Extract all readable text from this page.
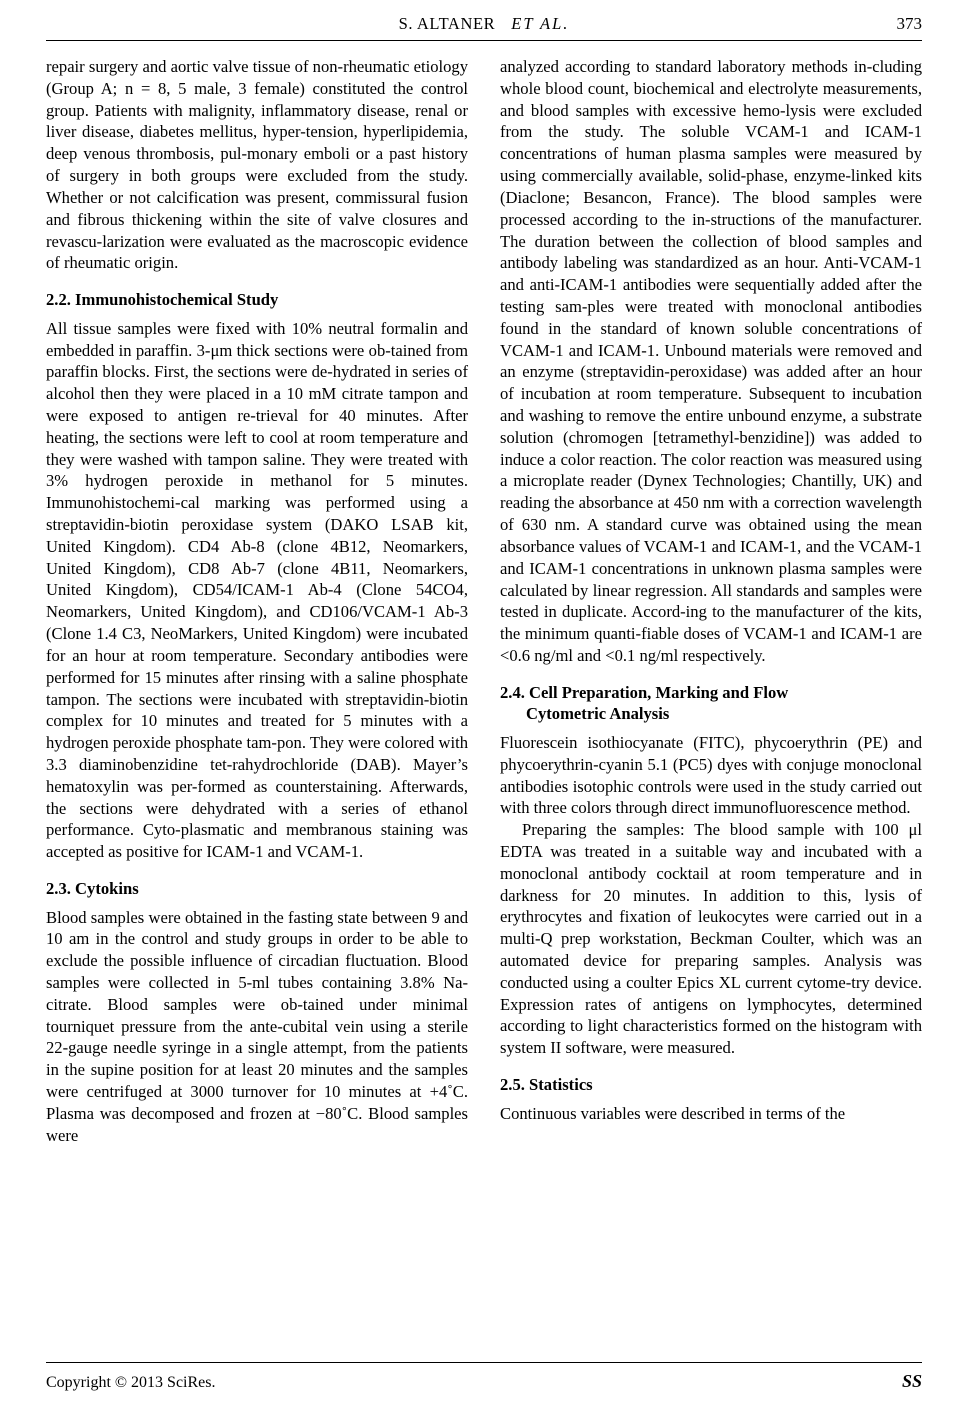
S. ALTANER ET AL.	373

repair surgery and aortic valve tissue of non-rheumatic etiology (Group A; n = 8, 5 male, 3 female) constituted the control group. Patients with malignity, inflammatory disease, renal or liver disease, diabetes mellitus, hyper-tension, hyperlipidemia, deep venous thrombosis, pul-monary emboli or a past history of surgery in both groups were excluded from the study. Whether or not calcification was present, commissural fusion and fibrous thickening within the site of valve closures and revascu-larization were evaluated as the macroscopic evidence of rheumatic origin.

2.2. Immunohistochemical Study

All tissue samples were fixed with 10% neutral formalin and embedded in paraffin. 3-μm thick sections were ob-tained from paraffin blocks. First, the sections were de-hydrated in series of alcohol then they were placed in a 10 mM citrate tampon and were exposed to antigen re-trieval for 40 minutes. After heating, the sections were left to cool at room temperature and they were washed with tampon saline. They were treated with 3% hydrogen peroxide in methanol for 5 minutes. Immunohistochemi-cal marking was performed using a streptavidin-biotin peroxidase system (DAKO LSAB kit, United Kingdom). CD4 Ab-8 (clone 4B12, Neomarkers, United Kingdom), CD8 Ab-7 (clone 4B11, Neomarkers, United Kingdom), CD54/ICAM-1 Ab-4 (Clone 54CO4, Neomarkers, United Kingdom), and CD106/VCAM-1 Ab-3 (Clone 1.4 C3, NeoMarkers, United Kingdom) were incubated for an hour at room temperature. Secondary antibodies were performed for 15 minutes after rinsing with a saline phosphate tampon. The sections were incubated with streptavidin-biotin complex for 10 minutes and treated for 5 minutes with a hydrogen peroxide phosphate tam-pon. They were colored with 3.3 diaminobenzidine tet-rahydrochloride (DAB). Mayer’s hematoxylin was per-formed as counterstaining. Afterwards, the sections were dehydrated with a series of ethanol performance. Cyto-plasmatic and membranous staining was accepted as positive for ICAM-1 and VCAM-1.

2.3. Cytokins

Blood samples were obtained in the fasting state between 9 and 10 am in the control and study groups in order to be able to exclude the possible influence of circadian fluctuation. Blood samples were collected in 5-ml tubes containing 3.8% Na-citrate. Blood samples were ob-tained under minimal tourniquet pressure from the ante-cubital vein using a sterile 22-gauge needle syringe in a single attempt, from the patients in the supine position for at least 20 minutes and the samples were centrifuged at 3000 turnover for 10 minutes at +4˚C. Plasma was decomposed and frozen at −80˚C. Blood samples were

analyzed according to standard laboratory methods in-cluding whole blood count, biochemical and electrolyte measurements, and blood samples with excessive hemo-lysis were excluded from the study. The soluble VCAM-1 and ICAM-1 concentrations of human plasma samples were measured by using commercially available, solid-phase, enzyme-linked kits (Diaclone; Besancon, France). The blood samples were processed according to the in-structions of the manufacturer. The duration between the collection of blood samples and antibody labeling was standardized as an hour. Anti-VCAM-1 and anti-ICAM-1 antibodies were sequentially added after the testing sam-ples were treated with monoclonal antibodies found in the standard of known soluble concentrations of VCAM-1 and ICAM-1. Unbound materials were removed and an enzyme (streptavidin-peroxidase) was added after an hour of incubation at room temperature. Subsequent to incubation and washing to remove the entire unbound enzyme, a substrate solution (chromogen [tetramethyl-benzidine]) was added to induce a color reaction. The color reaction was measured using a microplate reader (Dynex Technologies; Chantilly, UK) and reading the absorbance at 450 nm with a correction wavelength of 630 nm. A standard curve was obtained using the mean absorbance values of VCAM-1 and ICAM-1, and the VCAM-1 and ICAM-1 concentrations in unknown plasma samples were calculated by linear regression. All standards and samples were tested in duplicate. Accord-ing to the manufacturer of the kits, the minimum quanti-fiable doses of VCAM-1 and ICAM-1 are <0.6 ng/ml and <0.1 ng/ml respectively.

2.4. Cell Preparation, Marking and Flow
Cytometric Analysis

Fluorescein isothiocyanate (FITC), phycoerythrin (PE) and phycoerythrin-cyanin 5.1 (PC5) dyes with conjuge monoclonal antibodies isotophic controls were used in the study carried out with three colors through direct immunofluorescence method.

Preparing the samples: The blood sample with 100 μl EDTA was treated in a suitable way and incubated with a monoclonal antibody cocktail at room temperature and in darkness for 20 minutes. In addition to this, lysis of erythrocytes and fixation of leukocytes were carried out in a multi-Q prep workstation, Beckman Coulter, which was an automated device for preparing samples. Analysis was conducted using a coulter Epics XL current cytome-try device. Expression rates of antigens on lymphocytes, determined according to light characteristics formed on the histogram with system II software, were measured.

2.5. Statistics

Continuous variables were described in terms of the

Copyright © 2013 SciRes.	SS
